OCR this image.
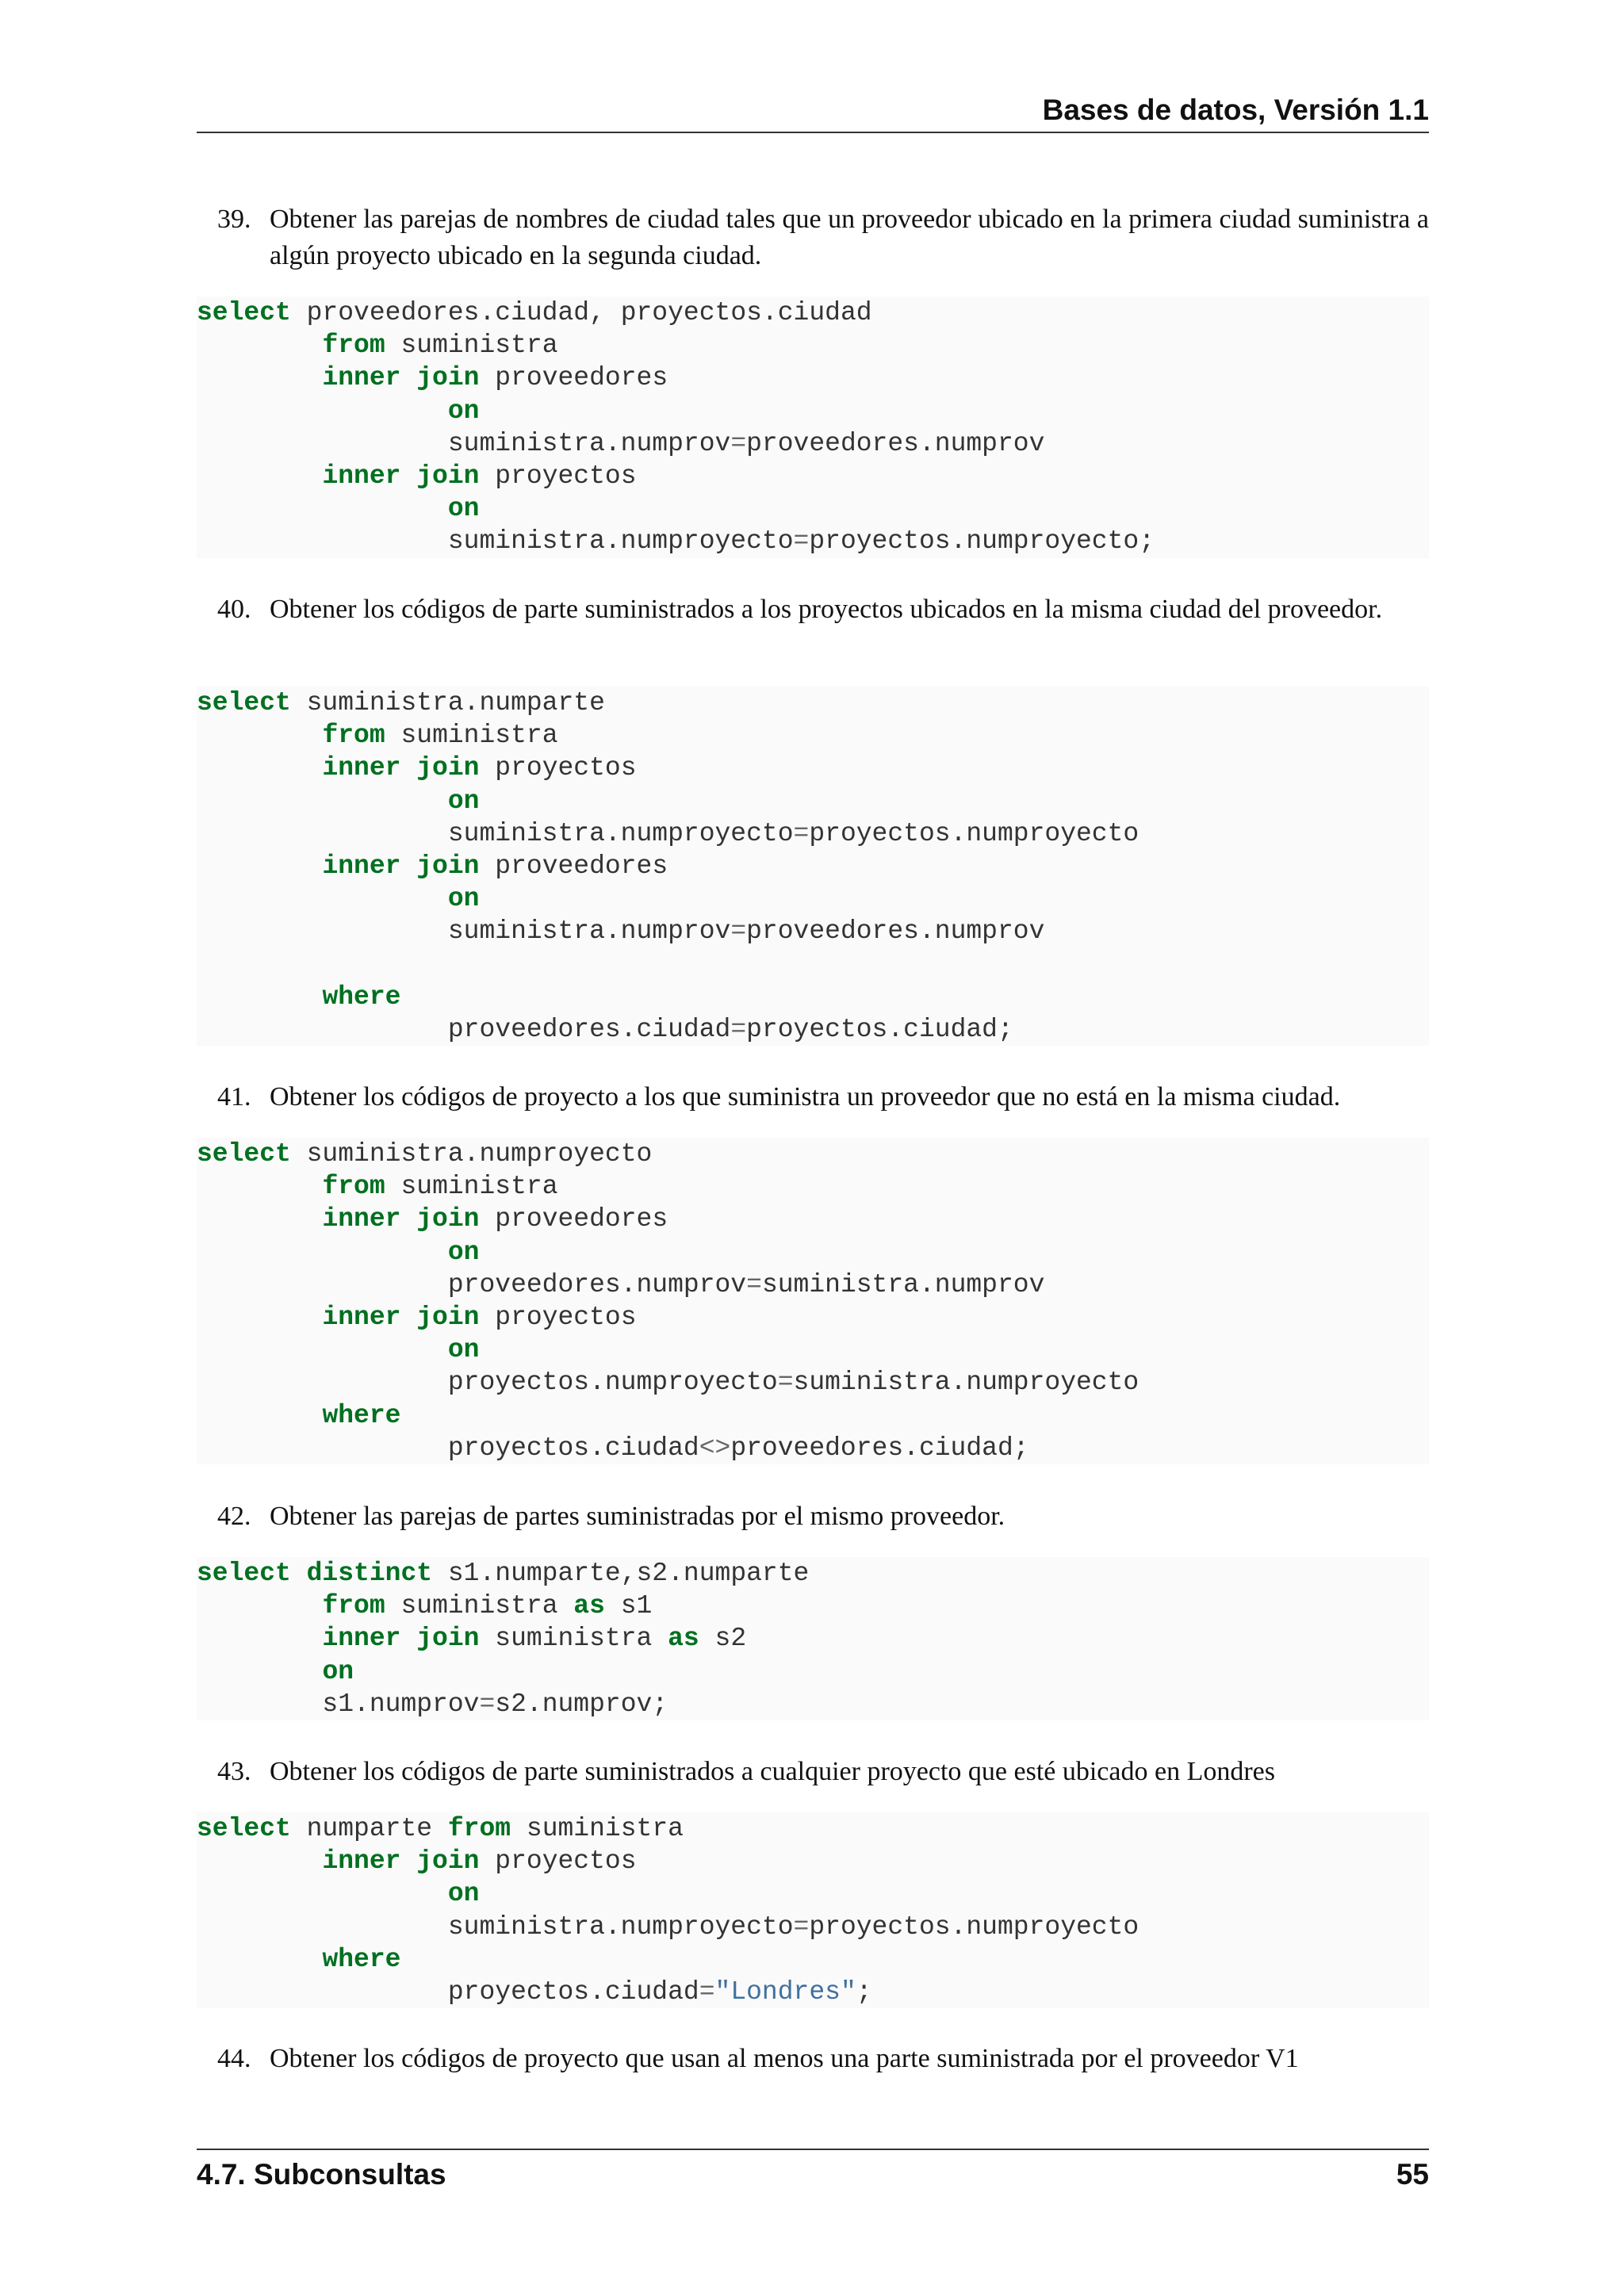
Bases de datos, Versión 1.1
39. Obtener las parejas de nombres de ciudad tales que un proveedor ubicado en la primera ciudad suministra a algún proyecto ubicado en la segunda ciudad.
select proveedores.ciudad, proyectos.ciudad
from suministra
inner join proveedores
on
suministra.numprov=proveedores.numprov
inner join proyectos
on
suministra.numproyecto=proyectos.numproyecto;
40. Obtener los códigos de parte suministrados a los proyectos ubicados en la misma ciudad del proveedor.
select suministra.numparte
from suministra
inner join proyectos
on
suministra.numproyecto=proyectos.numproyecto
inner join proveedores
on
suministra.numprov=proveedores.numprov
where
proveedores.ciudad=proyectos.ciudad;
41. Obtener los códigos de proyecto a los que suministra un proveedor que no está en la misma ciudad.
select suministra.numproyecto
from suministra
inner join proveedores
on
proveedores.numprov=suministra.numprov
inner join proyectos
on
proyectos.numproyecto=suministra.numproyecto
where
proyectos.ciudad<>proveedores.ciudad;
42. Obtener las parejas de partes suministradas por el mismo proveedor.
select distinct s1.numparte,s2.numparte
from suministra as s1
inner join suministra as s2
on
s1.numprov=s2.numprov;
43. Obtener los códigos de parte suministrados a cualquier proyecto que esté ubicado en Londres
select numparte from suministra
inner join proyectos
on
suministra.numproyecto=proyectos.numproyecto
where
proyectos.ciudad="Londres";
44. Obtener los códigos de proyecto que usan al menos una parte suministrada por el proveedor V1
4.7. Subconsultas	55
